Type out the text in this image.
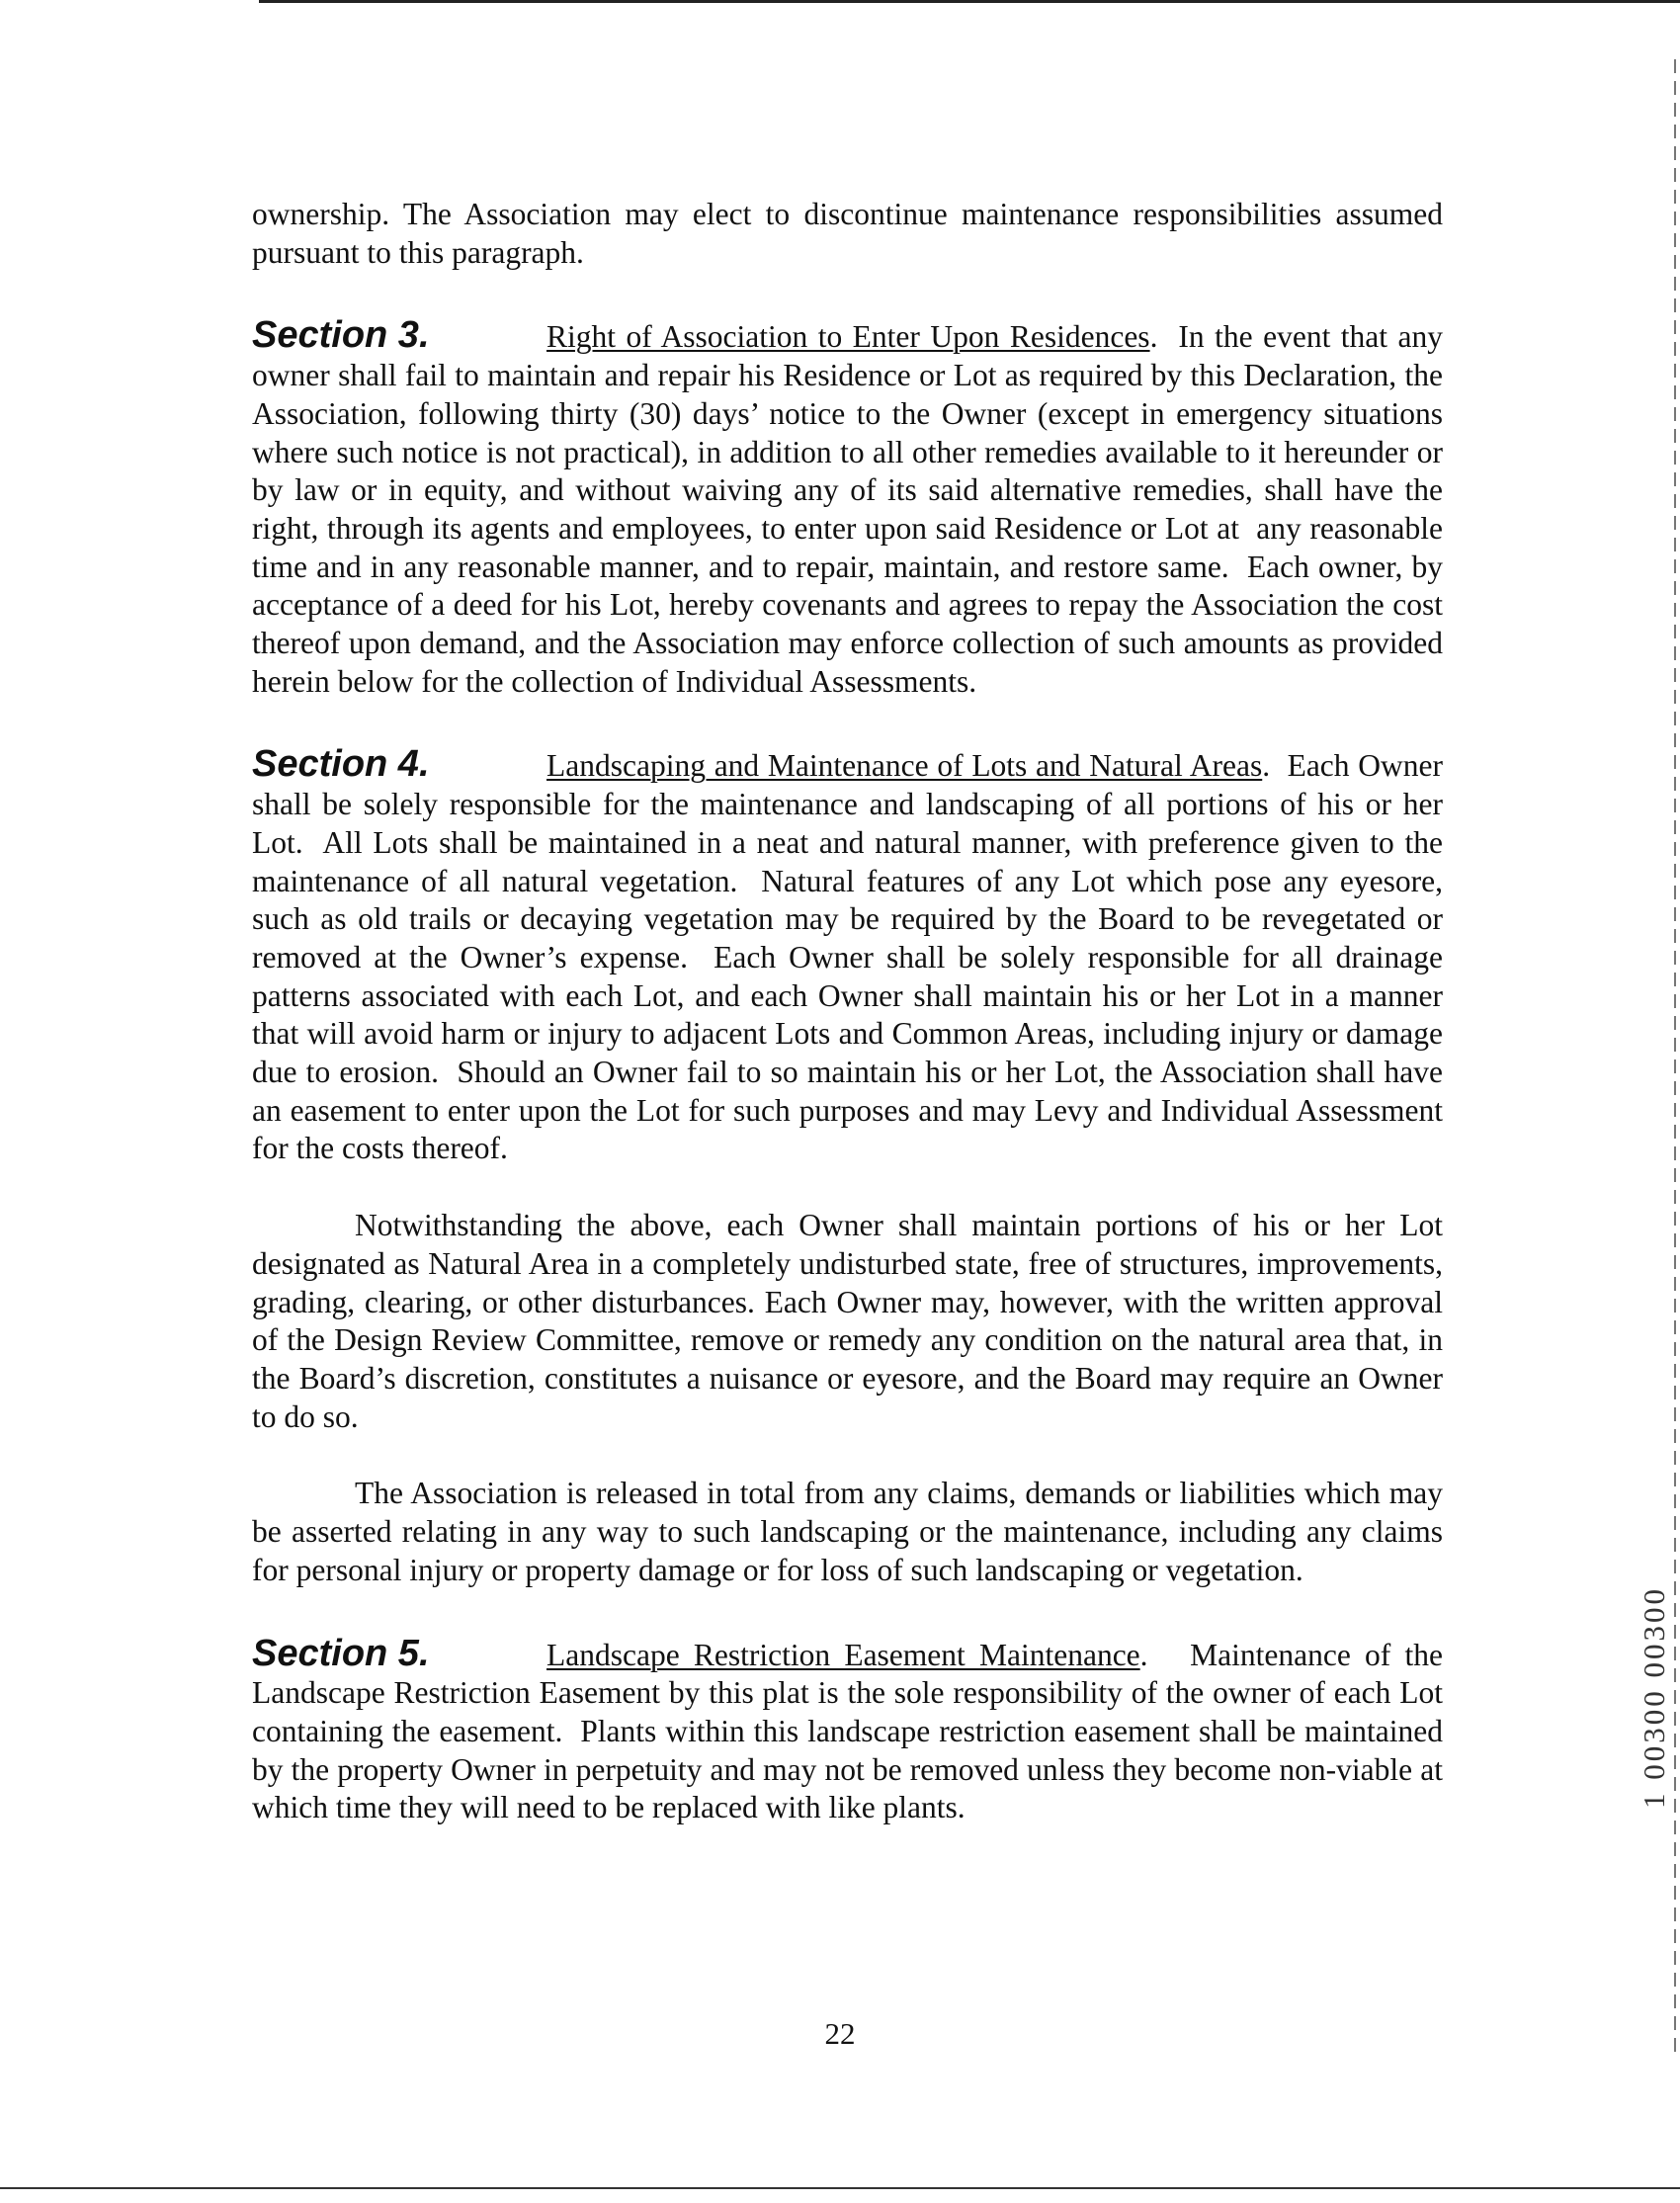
ownership. The Association may elect to discontinue maintenance responsibilities assumed pursuant to this paragraph.

Section 3.	Right of Association to Enter Upon Residences.  In the event that any owner shall fail to maintain and repair his Residence or Lot as required by this Declaration, the Association, following thirty (30) days’ notice to the Owner (except in emergency situations where such notice is not practical), in addition to all other remedies available to it hereunder or by law or in equity, and without waiving any of its said alternative remedies, shall have the right, through its agents and employees, to enter upon said Residence or Lot at  any reasonable time and in any reasonable manner, and to repair, maintain, and restore same.  Each owner, by acceptance of a deed for his Lot, hereby covenants and agrees to repay the Association the cost thereof upon demand, and the Association may enforce collection of such amounts as provided herein below for the collection of Individual Assessments.

Section 4.	Landscaping and Maintenance of Lots and Natural Areas.  Each Owner shall be solely responsible for the maintenance and landscaping of all portions of his or her Lot.  All Lots shall be maintained in a neat and natural manner, with preference given to the maintenance of all natural vegetation.  Natural features of any Lot which pose any eyesore, such as old trails or decaying vegetation may be required by the Board to be revegetated or removed at the Owner’s expense.  Each Owner shall be solely responsible for all drainage patterns associated with each Lot, and each Owner shall maintain his or her Lot in a manner that will avoid harm or injury to adjacent Lots and Common Areas, including injury or damage due to erosion.  Should an Owner fail to so maintain his or her Lot, the Association shall have an easement to enter upon the Lot for such purposes and may Levy and Individual Assessment for the costs thereof.

Notwithstanding the above, each Owner shall maintain portions of his or her Lot designated as Natural Area in a completely undisturbed state, free of structures, improvements, grading, clearing, or other disturbances. Each Owner may, however, with the written approval of the Design Review Committee, remove or remedy any condition on the natural area that, in the Board’s discretion, constitutes a nuisance or eyesore, and the Board may require an Owner to do so.

The Association is released in total from any claims, demands or liabilities which may be asserted relating in any way to such landscaping or the maintenance, including any claims for personal injury or property damage or for loss of such landscaping or vegetation.

Section 5.	Landscape Restriction Easement Maintenance.   Maintenance of the Landscape Restriction Easement by this plat is the sole responsibility of the owner of each Lot containing the easement.  Plants within this landscape restriction easement shall be maintained by the property Owner in perpetuity and may not be removed unless they become non-viable at which time they will need to be replaced with like plants.	1 00300 00300
22
